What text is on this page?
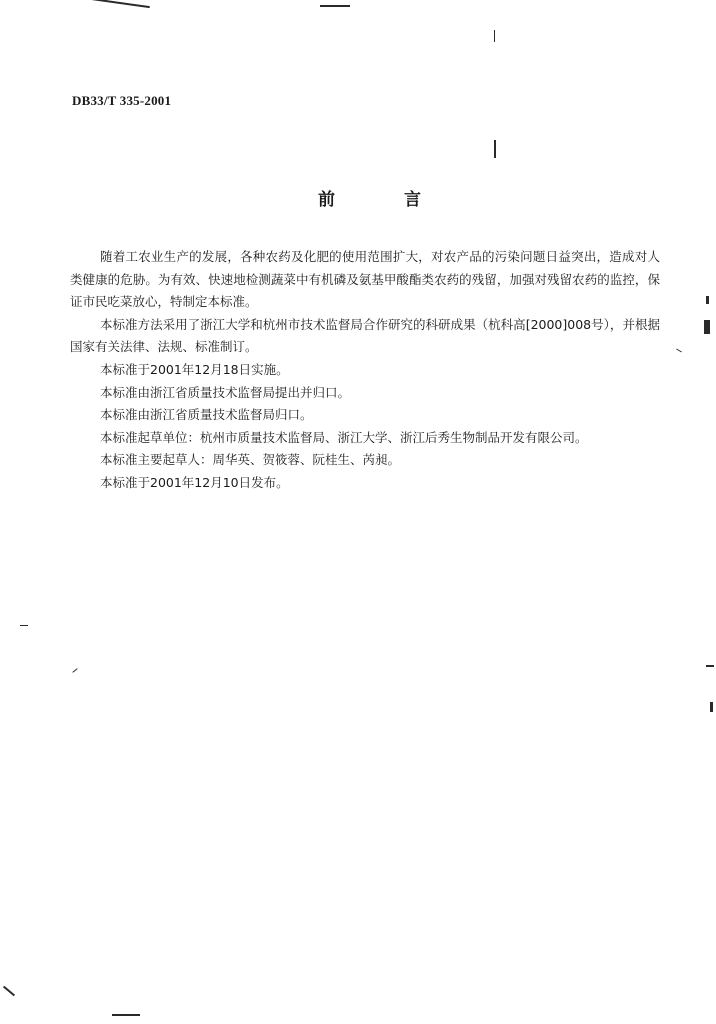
DB33/T 335-2001
前　言

随着工农业生产的发展，各种农药及化肥的使用范围扩大，对农产品的污染问题日益突出，造成对人类健康的危胁。为有效、快速地检测蔬菜中有机磷及氨基甲酸酯类农药的残留，加强对残留农药的监控，保证市民吃菜放心，特制定本标准。

本标准方法采用了浙江大学和杭州市技术监督局合作研究的科研成果（杭科高[2000]008号），并根据国家有关法律、法规、标准制订。

本标准于2001年12月18日实施。

本标准由浙江省质量技术监督局提出并归口。

本标准由浙江省质量技术监督局归口。

本标准起草单位：杭州市质量技术监督局、浙江大学、浙江后秀生物制品开发有限公司。

本标准主要起草人：周华英、贺筱蓉、阮桂生、芮昶。

本标准于2001年12月10日发布。
